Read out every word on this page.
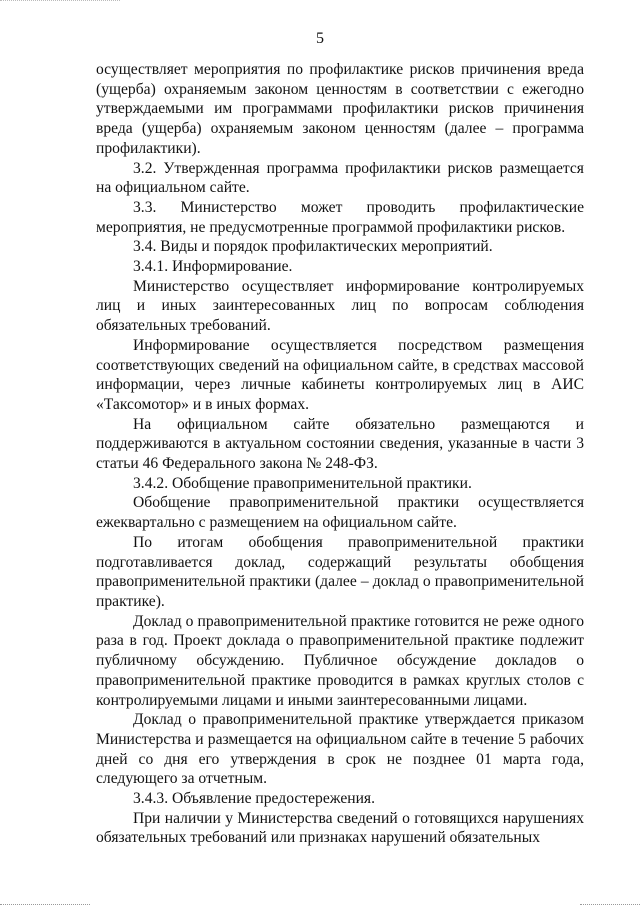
5

осуществляет мероприятия по профилактике рисков причинения вреда (ущерба) охраняемым законом ценностям в соответствии с ежегодно утверждаемыми им программами профилактики рисков причинения вреда (ущерба) охраняемым законом ценностям (далее – программа профилактики).

3.2. Утвержденная программа профилактики рисков размещается на официальном сайте.

3.3. Министерство может проводить профилактические мероприятия, не предусмотренные программой профилактики рисков.

3.4. Виды и порядок профилактических мероприятий.

3.4.1. Информирование.

Министерство осуществляет информирование контролируемых лиц и иных заинтересованных лиц по вопросам соблюдения обязательных требований.

Информирование осуществляется посредством размещения соответствующих сведений на официальном сайте, в средствах массовой информации, через личные кабинеты контролируемых лиц в АИС «Таксомотор» и в иных формах.

На официальном сайте обязательно размещаются и поддерживаются в актуальном состоянии сведения, указанные в части 3 статьи 46 Федерального закона № 248-ФЗ.

3.4.2. Обобщение правоприменительной практики.

Обобщение правоприменительной практики осуществляется ежеквартально с размещением на официальном сайте.

По итогам обобщения правоприменительной практики подготавливается доклад, содержащий результаты обобщения правоприменительной практики (далее – доклад о правоприменительной практике).

Доклад о правоприменительной практике готовится не реже одного раза в год. Проект доклада о правоприменительной практике подлежит публичному обсуждению. Публичное обсуждение докладов о правоприменительной практике проводится в рамках круглых столов с контролируемыми лицами и иными заинтересованными лицами.

Доклад о правоприменительной практике утверждается приказом Министерства и размещается на официальном сайте в течение 5 рабочих дней со дня его утверждения в срок не позднее 01 марта года, следующего за отчетным.

3.4.3. Объявление предостережения.

При наличии у Министерства сведений о готовящихся нарушениях обязательных требований или признаках нарушений обязательных
